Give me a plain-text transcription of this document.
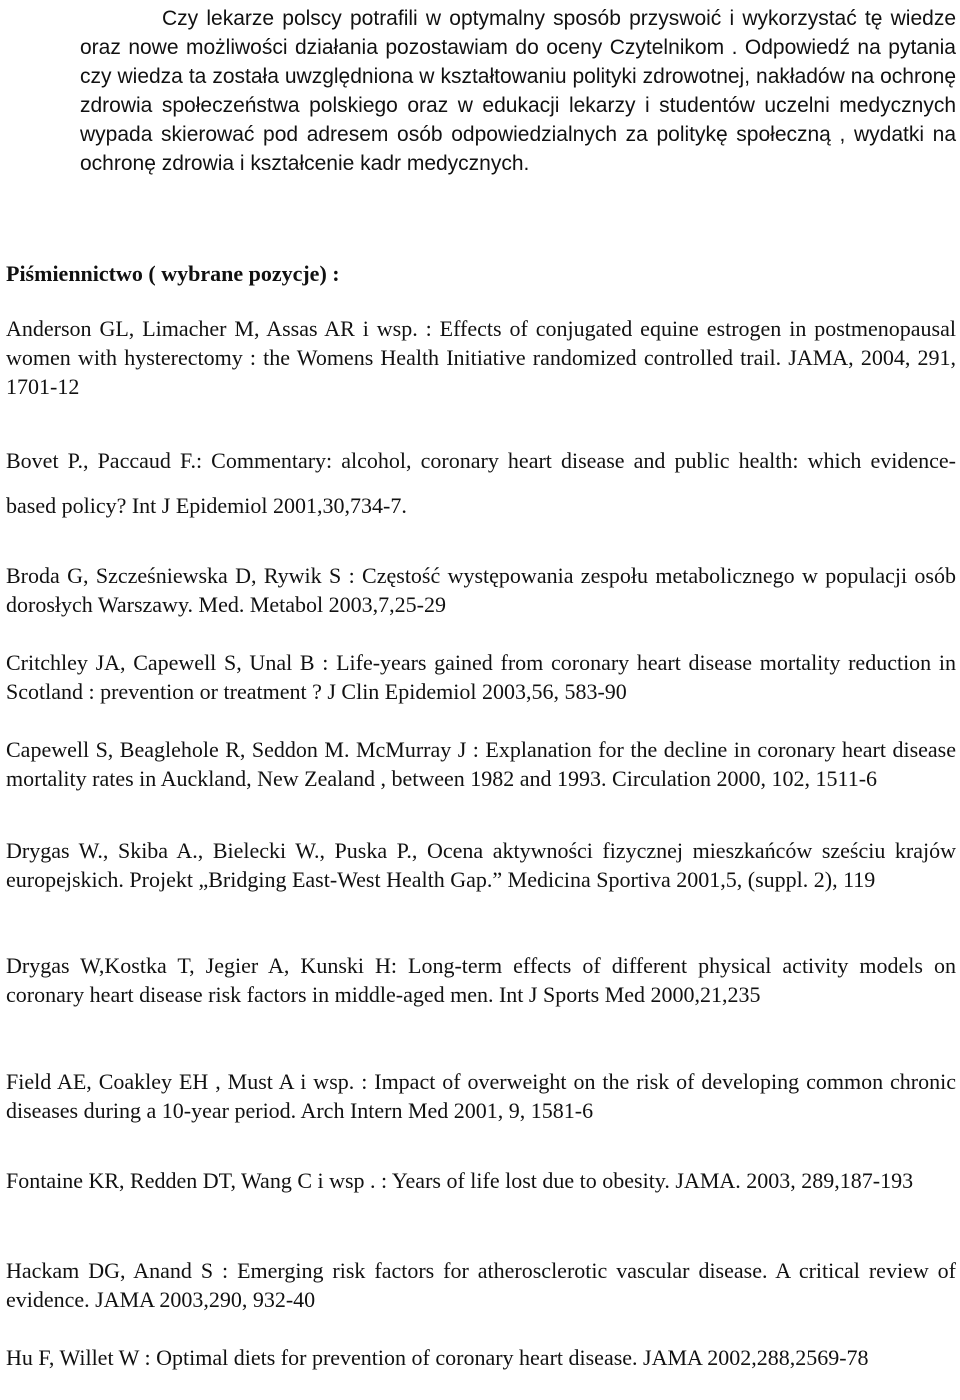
Czy lekarze polscy potrafili w optymalny sposób przyswoić i wykorzystać tę wiedze oraz nowe możliwości działania pozostawiam do oceny Czytelnikom . Odpowiedź na pytania czy wiedza ta została uwzględniona w kształtowaniu polityki zdrowotnej, nakładów na ochronę zdrowia społeczeństwa polskiego oraz w edukacji lekarzy i studentów uczelni medycznych wypada skierować pod adresem osób odpowiedzialnych za politykę społeczną , wydatki na ochronę zdrowia i kształcenie kadr medycznych.

Piśmiennictwo ( wybrane pozycje) :

Anderson GL, Limacher M, Assas AR i wsp. : Effects of conjugated equine estrogen in postmenopausal women with hysterectomy : the Womens Health Initiative randomized controlled trail. JAMA, 2004, 291, 1701-12

Bovet P., Paccaud F.: Commentary: alcohol, coronary heart disease and public health: which evidence-based policy? Int J Epidemiol 2001,30,734-7.

Broda G, Szcześniewska D, Rywik S : Częstość występowania zespołu metabolicznego w populacji osób dorosłych Warszawy. Med. Metabol 2003,7,25-29

Critchley JA, Capewell S, Unal B : Life-years gained from coronary heart disease mortality reduction in Scotland : prevention or treatment ? J Clin Epidemiol 2003,56, 583-90

Capewell S, Beaglehole R, Seddon M. McMurray J : Explanation for the decline in coronary heart disease mortality rates in Auckland, New Zealand , between 1982 and 1993. Circulation 2000, 102, 1511-6

Drygas W., Skiba A., Bielecki W., Puska P., Ocena aktywności fizycznej mieszkańców sześciu krajów europejskich. Projekt „Bridging East-West Health Gap.” Medicina Sportiva 2001,5, (suppl. 2), 119

Drygas W,Kostka T, Jegier A, Kunski H: Long-term effects of different physical activity models on coronary heart disease risk factors in middle-aged men. Int J Sports Med 2000,21,235

Field AE, Coakley EH , Must A i wsp. : Impact of overweight on the risk of developing common chronic diseases during a 10-year period. Arch Intern Med 2001, 9, 1581-6

Fontaine KR, Redden DT, Wang C i wsp . : Years of life lost due to obesity. JAMA. 2003, 289,187-193

Hackam DG, Anand S : Emerging risk factors for atherosclerotic vascular disease. A critical review of evidence. JAMA 2003,290, 932-40

Hu F, Willet W : Optimal diets for prevention of coronary heart disease. JAMA 2002,288,2569-78
